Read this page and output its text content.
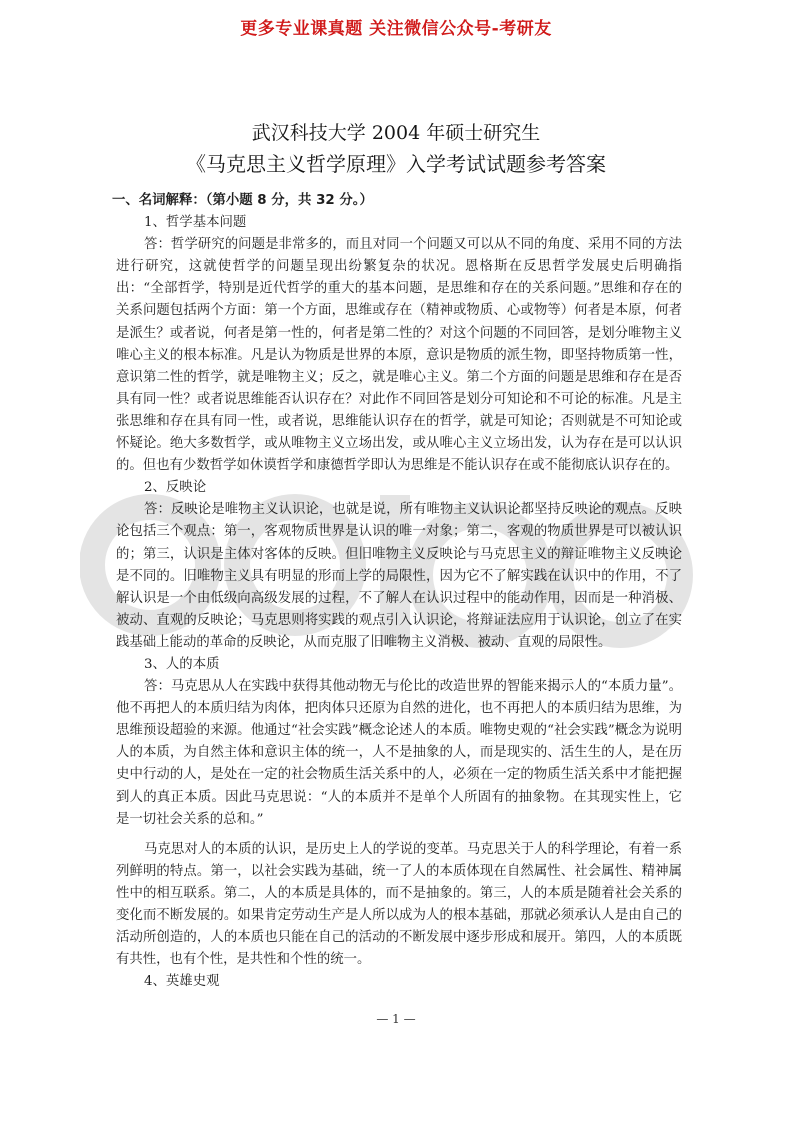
更多专业课真题 关注微信公众号-考研友
武汉科技大学 2004 年硕士研究生
《马克思主义哲学原理》入学考试试题参考答案

一、名词解释：（第小题 8 分，共 32 分。）

1、哲学基本问题

答：哲学研究的问题是非常多的，而且对同一个问题又可以从不同的角度、采用不同的方法进行研究，这就使哲学的问题呈现出纷繁复杂的状况。恩格斯在反思哲学发展史后明确指出：“全部哲学，特别是近代哲学的重大的基本问题，是思维和存在的关系问题。”思维和存在的关系问题包括两个方面：第一个方面，思维或存在（精神或物质、心或物等）何者是本原，何者是派生？或者说，何者是第一性的，何者是第二性的？对这个问题的不同回答，是划分唯物主义唯心主义的根本标准。凡是认为物质是世界的本原，意识是物质的派生物，即坚持物质第一性，意识第二性的哲学，就是唯物主义；反之，就是唯心主义。第二个方面的问题是思维和存在是否具有同一性？或者说思维能否认识存在？对此作不同回答是划分可知论和不可论的标准。凡是主张思维和存在具有同一性，或者说，思维能认识存在的哲学，就是可知论；否则就是不可知论或怀疑论。绝大多数哲学，或从唯物主义立场出发，或从唯心主义立场出发，认为存在是可以认识的。但也有少数哲学如休谟哲学和康德哲学即认为思维是不能认识存在或不能彻底认识存在的。

2、反映论

答：反映论是唯物主义认识论，也就是说，所有唯物主义认识论都坚持反映论的观点。反映论包括三个观点：第一，客观物质世界是认识的唯一对象；第二，客观的物质世界是可以被认识的；第三，认识是主体对客体的反映。但旧唯物主义反映论与马克思主义的辩证唯物主义反映论是不同的。旧唯物主义具有明显的形而上学的局限性，因为它不了解实践在认识中的作用，不了解认识是一个由低级向高级发展的过程，不了解人在认识过程中的能动作用，因而是一种消极、被动、直观的反映论；马克思则将实践的观点引入认识论，将辩证法应用于认识论，创立了在实践基础上能动的革命的反映论，从而克服了旧唯物主义消极、被动、直观的局限性。

3、人的本质

答：马克思从人在实践中获得其他动物无与伦比的改造世界的智能来揭示人的“本质力量”。他不再把人的本质归结为肉体，把肉体只还原为自然的进化，也不再把人的本质归结为思维，为思维预设超验的来源。他通过“社会实践”概念论述人的本质。唯物史观的“社会实践”概念为说明人的本质，为自然主体和意识主体的统一，人不是抽象的人，而是现实的、活生生的人，是在历史中行动的人，是处在一定的社会物质生活关系中的人，必须在一定的物质生活关系中才能把握到人的真正本质。因此马克思说：“人的本质并不是单个人所固有的抽象物。在其现实性上，它是一切社会关系的总和。”

马克思对人的本质的认识，是历史上人的学说的变革。马克思关于人的科学理论，有着一系列鲜明的特点。第一，以社会实践为基础，统一了人的本质体现在自然属性、社会属性、精神属性中的相互联系。第二，人的本质是具体的，而不是抽象的。第三，人的本质是随着社会关系的变化而不断发展的。如果肯定劳动生产是人所以成为人的根本基础，那就必须承认人是由自己的活动所创造的，人的本质也只能在自己的活动的不断发展中逐步形成和展开。第四，人的本质既有共性，也有个性，是共性和个性的统一。

4、英雄史观

— 1 —
